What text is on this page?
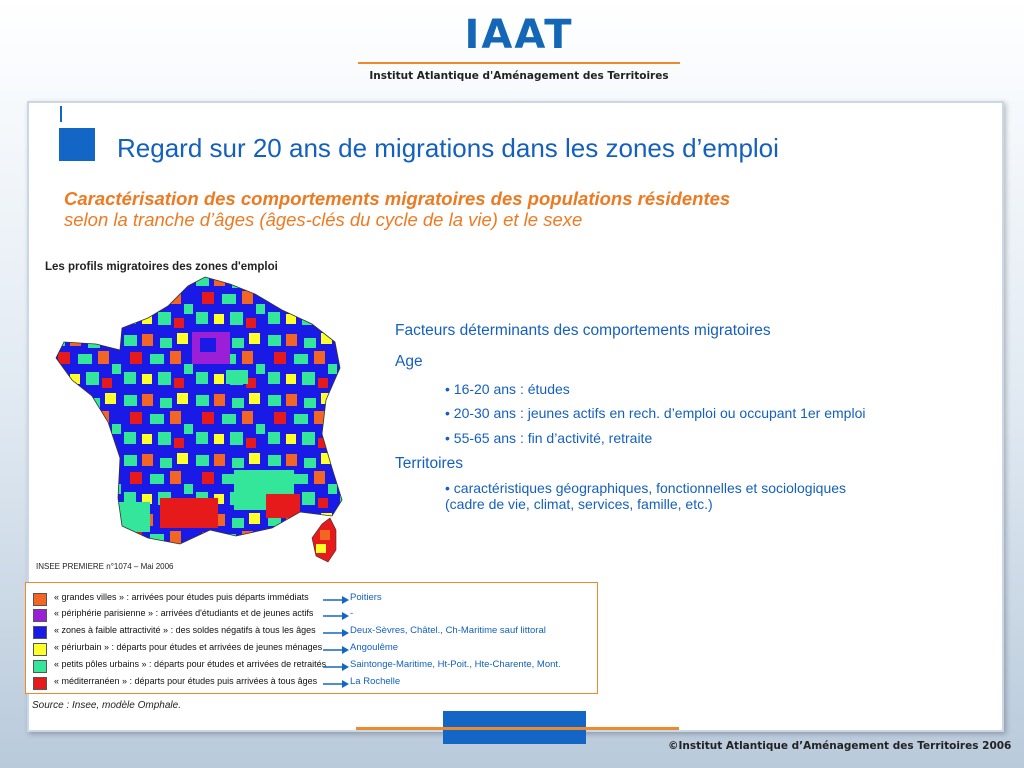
IAAT
Institut Atlantique d'Aménagement des Territoires
Regard sur 20 ans de migrations dans les zones d’emploi
Caractérisation des comportements migratoires des populations résidentes
selon la tranche d’âges (âges-clés du cycle de la vie) et le sexe
Les profils migratoires des zones d'emploi
INSEE PREMIERE n°1074 – Mai 2006
Facteurs déterminants des comportements migratoires
Age
• 16-20 ans : études
• 20-30 ans : jeunes actifs en rech. d’emploi ou occupant 1er emploi
• 55-65 ans : fin d’activité, retraite
Territoires
• caractéristiques géographiques, fonctionnelles et sociologiques
(cadre de vie, climat, services, famille, etc.)
« grandes villes » : arrivées pour études puis départs immédiats	Poitiers
« périphérie parisienne » : arrivées d'étudiants et de jeunes actifs	-
« zones à faible attractivité » : des soldes négatifs à tous les âges	Deux-Sèvres, Châtel., Ch-Maritime sauf littoral
« périurbain » : départs pour études et arrivées de jeunes ménages	Angoulême
« petits pôles urbains » : départs pour études et arrivées de retraités	Saintonge-Maritime, Ht-Poit., Hte-Charente, Mont.
« méditerranéen » : départs pour études puis arrivées à tous âges	La Rochelle
Source : Insee, modèle Omphale.
©Institut Atlantique d’Aménagement des Territoires 2006
